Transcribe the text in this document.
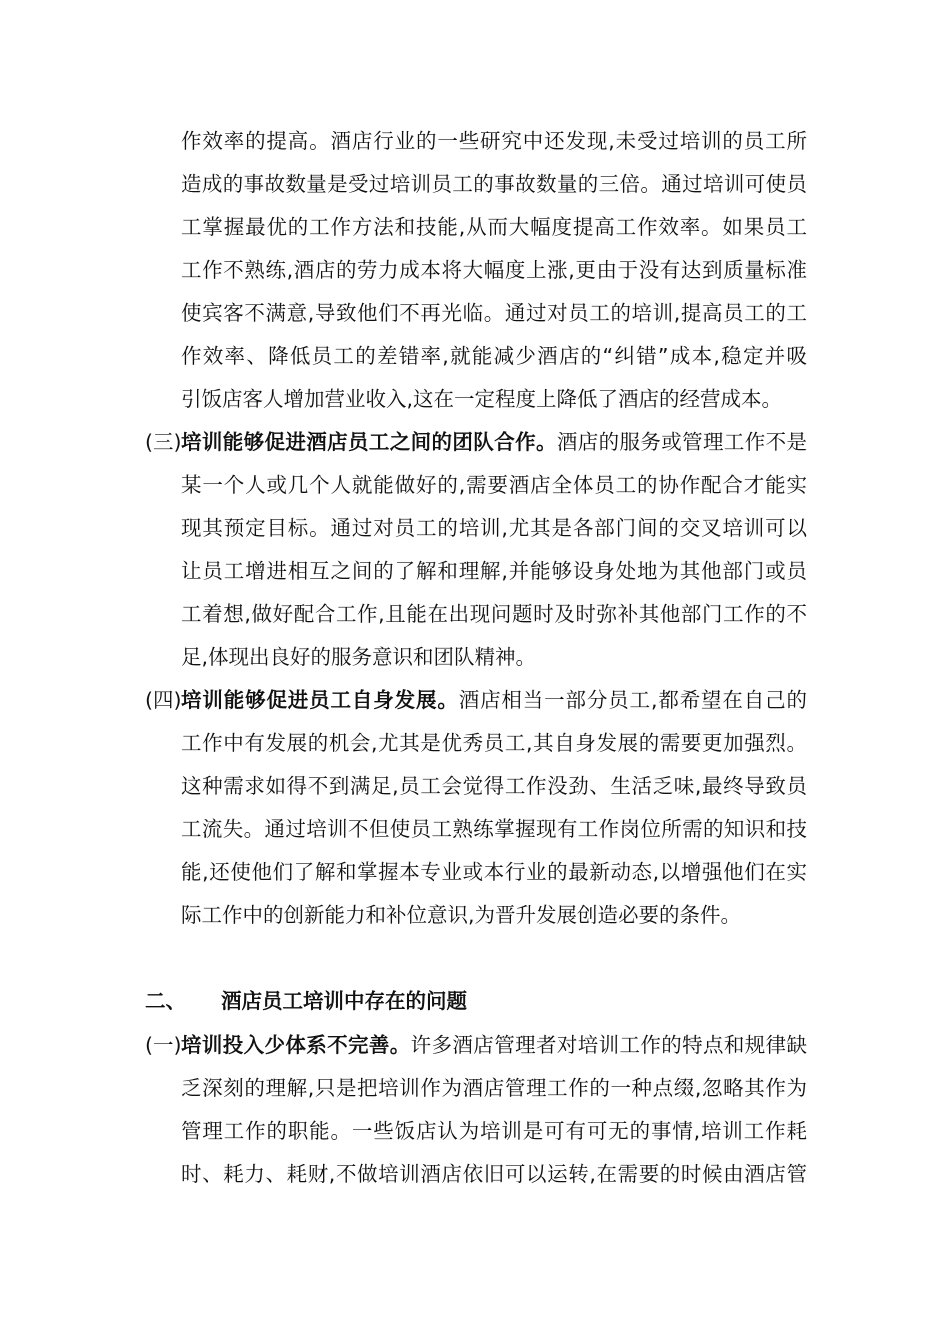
作效率的提高。酒店行业的一些研究中还发现,未受过培训的员工所
造成的事故数量是受过培训员工的事故数量的三倍。通过培训可使员
工掌握最优的工作方法和技能,从而大幅度提高工作效率。如果员工
工作不熟练,酒店的劳力成本将大幅度上涨,更由于没有达到质量标准
使宾客不满意,导致他们不再光临。通过对员工的培训,提高员工的工
作效率、降低员工的差错率,就能减少酒店的“纠错”成本,稳定并吸
引饭店客人增加营业收入,这在一定程度上降低了酒店的经营成本。
(三) 培训能够促进酒店员工之间的团队合作。酒店的服务或管理工作不是
某一个人或几个人就能做好的,需要酒店全体员工的协作配合才能实
现其预定目标。通过对员工的培训,尤其是各部门间的交叉培训可以
让员工增进相互之间的了解和理解,并能够设身处地为其他部门或员
工着想,做好配合工作,且能在出现问题时及时弥补其他部门工作的不
足,体现出良好的服务意识和团队精神。
(四) 培训能够促进员工自身发展。酒店相当一部分员工,都希望在自己的
工作中有发展的机会,尤其是优秀员工,其自身发展的需要更加强烈。
这种需求如得不到满足,员工会觉得工作没劲、生活乏味,最终导致员
工流失。通过培训不但使员工熟练掌握现有工作岗位所需的知识和技
能,还使他们了解和掌握本专业或本行业的最新动态,以增强他们在实
际工作中的创新能力和补位意识,为晋升发展创造必要的条件。
二、 酒店员工培训中存在的问题
(一) 培训投入少体系不完善。许多酒店管理者对培训工作的特点和规律缺
乏深刻的理解,只是把培训作为酒店管理工作的一种点缀,忽略其作为
管理工作的职能。一些饭店认为培训是可有可无的事情,培训工作耗
时、耗力、耗财,不做培训酒店依旧可以运转,在需要的时候由酒店管
